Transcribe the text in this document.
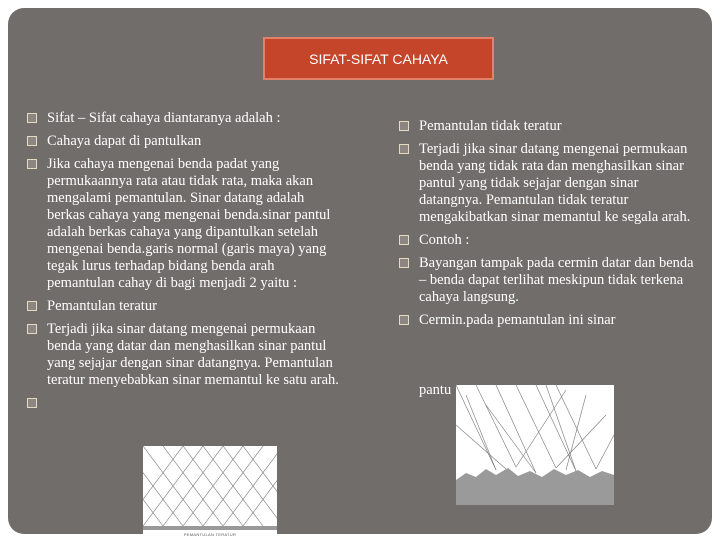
SIFAT-SIFAT CAHAYA
Sifat – Sifat cahaya diantaranya adalah :
Cahaya dapat di pantulkan
Jika cahaya mengenai benda padat yang permukaannya rata atau tidak rata, maka akan mengalami pemantulan. Sinar datang adalah berkas cahaya yang mengenai benda.sinar pantul adalah berkas cahaya yang dipantulkan setelah mengenai benda.garis normal (garis maya) yang tegak lurus terhadap bidang benda arah pemantulan cahay di bagi menjadi 2 yaitu :
Pemantulan teratur
Terjadi jika sinar datang mengenai permukaan benda yang datar dan menghasilkan sinar pantul yang sejajar dengan sinar datangnya. Pemantulan teratur menyebabkan sinar memantul ke satu arah.
Pemantulan tidak teratur
Terjadi jika sinar datang mengenai permukaan benda yang tidak rata dan menghasilkan sinar pantul yang tidak sejajar dengan sinar datangnya. Pemantulan tidak teratur mengakibatkan sinar memantul ke segala arah.
Contoh :
Bayangan tampak pada cermin datar dan benda – benda dapat terlihat meskipun tidak terkena cahaya langsung.
Cermin.pada pemantulan ini sinar
pantu
PEMANTULAN TERATUR
